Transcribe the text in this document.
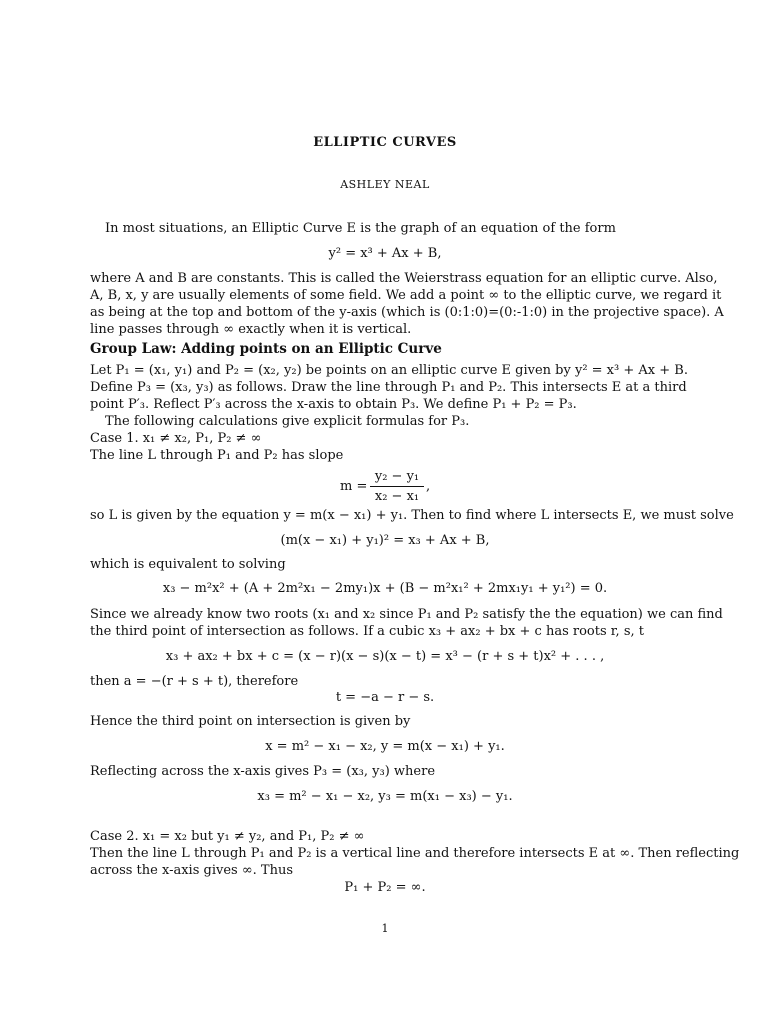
ELLIPTIC CURVES
ASHLEY NEAL
In most situations, an Elliptic Curve E is the graph of an equation of the form
y² = x³ + Ax + B,
where A and B are constants. This is called the Weierstrass equation for an elliptic curve. Also,
A, B, x, y are usually elements of some field. We add a point ∞ to the elliptic curve, we regard it
as being at the top and bottom of the y-axis (which is (0:1:0)=(0:-1:0) in the projective space). A
line passes through ∞ exactly when it is vertical.
Group Law: Adding points on an Elliptic Curve
Let P₁ = (x₁, y₁) and P₂ = (x₂, y₂) be points on an elliptic curve E given by y² = x³ + Ax + B.
Define P₃ = (x₃, y₃) as follows. Draw the line through P₁ and P₂. This intersects E at a third
point P′₃. Reflect P′₃ across the x-axis to obtain P₃. We define P₁ + P₂ = P₃.
The following calculations give explicit formulas for P₃.
Case 1. x₁ ≠ x₂, P₁, P₂ ≠ ∞
The line L through P₁ and P₂ has slope
m =
y₂ − y₁
x₂ − x₁
,
so L is given by the equation y = m(x − x₁) + y₁. Then to find where L intersects E, we must solve
(m(x − x₁) + y₁)² = x₃ + Ax + B,
which is equivalent to solving
x₃ − m²x² + (A + 2m²x₁ − 2my₁)x + (B − m²x₁² + 2mx₁y₁ + y₁²) = 0.
Since we already know two roots (x₁ and x₂ since P₁ and P₂ satisfy the the equation) we can find
the third point of intersection as follows. If a cubic x₃ + ax₂ + bx + c has roots r, s, t
x₃ + ax₂ + bx + c = (x − r)(x − s)(x − t) = x³ − (r + s + t)x² + . . . ,
then a = −(r + s + t), therefore
t = −a − r − s.
Hence the third point on intersection is given by
x = m² − x₁ − x₂, y = m(x − x₁) + y₁.
Reflecting across the x-axis gives P₃ = (x₃, y₃) where
x₃ = m² − x₁ − x₂, y₃ = m(x₁ − x₃) − y₁.
Case 2. x₁ = x₂ but y₁ ≠ y₂, and P₁, P₂ ≠ ∞
Then the line L through P₁ and P₂ is a vertical line and therefore intersects E at ∞. Then reflecting
across the x-axis gives ∞. Thus
P₁ + P₂ = ∞.
1
